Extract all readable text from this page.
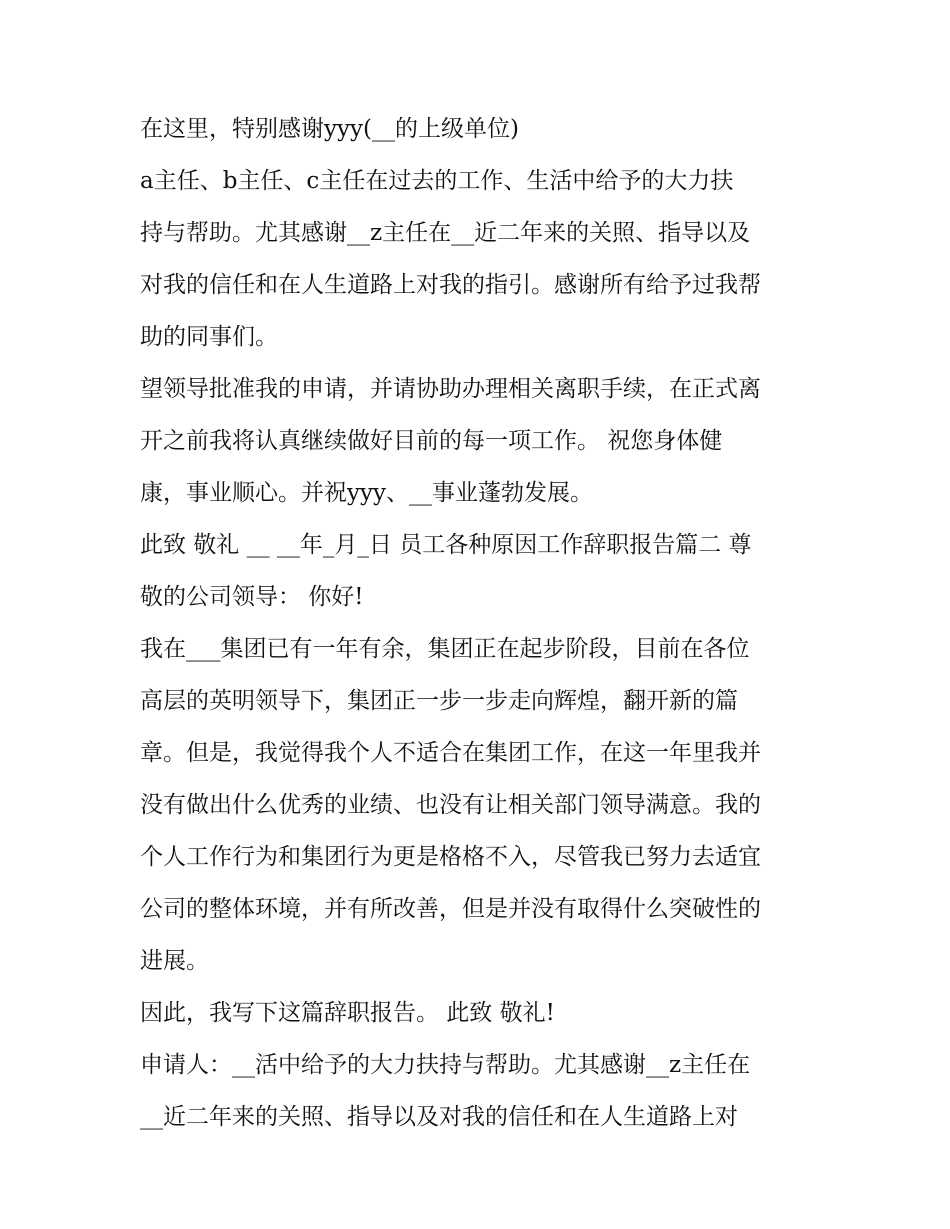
在这里，特别感谢yyy(__的上级单位)
a主任、b主任、c主任在过去的工作、生活中给予的大力扶
持与帮助。尤其感谢__z主任在__近二年来的关照、指导以及
对我的信任和在人生道路上对我的指引。感谢所有给予过我帮
助的同事们。
望领导批准我的申请，并请协助办理相关离职手续，在正式离
开之前我将认真继续做好目前的每一项工作。 祝您身体健
康，事业顺心。并祝yyy、__事业蓬勃发展。
此致 敬礼 __ __年_月_日 员工各种原因工作辞职报告篇二 尊
敬的公司领导： 你好!
我在___集团已有一年有余，集团正在起步阶段，目前在各位
高层的英明领导下，集团正一步一步走向辉煌，翻开新的篇
章。但是，我觉得我个人不适合在集团工作，在这一年里我并
没有做出什么优秀的业绩、也没有让相关部门领导满意。我的
个人工作行为和集团行为更是格格不入，尽管我已努力去适宜
公司的整体环境，并有所改善，但是并没有取得什么突破性的
进展。
因此，我写下这篇辞职报告。 此致 敬礼!
申请人：__活中给予的大力扶持与帮助。尤其感谢__z主任在
__近二年来的关照、指导以及对我的信任和在人生道路上对
